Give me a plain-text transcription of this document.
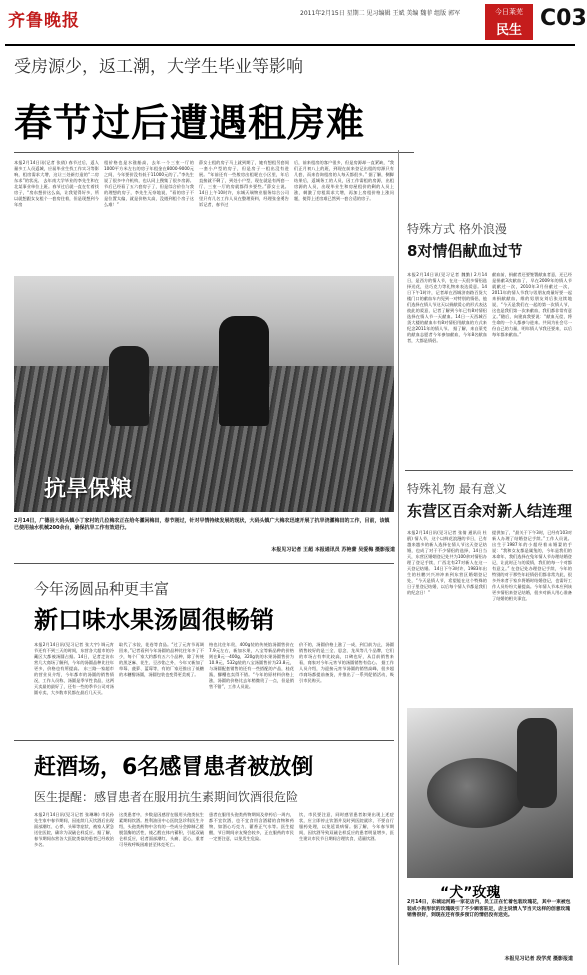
齐鲁晚报	2011年2月15日 星期二 见习编辑 王斌 美编 魏菲 组版 郭军	今日莱芜
民生 C03
受房源少，返工潮，大学生毕业等影响
春节过后遭遇租房难
本报2月14日讯(记者 张倩) 春节过后，返人量多工人员返城，应届毕业生找工作实习等影响，租房需求大增，这让三处新打造的“二房东求”的状况。 去年南大学毕业的李先生和在北某事业单位上班。春节过后就一直在忙着找房子，“房东想价这么高，让我觉得好多，所以就想跟女友租个一套房住着，但是现想到今年房
租价格也是水涨船高，去年一个三室一厅的1000平方米左右的房子年租金在8000-9000元之间，今年要价没有低于11000元的了。”李先生说了很多中介机构，也认同上搜集了很多房源。节后已经看了五六套房子了，但是综合价位与我的理想的房子，李先生无奈地说，“看的房子不是位置太偏，就是价格太高，没遇到租个房子这么难！”
薛女士租的房子马上就到期了，她有想租另套间一套小户型的房子，但是房子一租出没有进展。“年前还有一些般房出租呢在小区里，年后直接就不剩了，到处小户型，现在就是有两套一厅、三室一厅的房就都得多要些。”薛女士说。 14日上午10时许，东城天瑞物业服务综合公司里只有几名工作人员在整理资料，经理张金勇告诉记者，春节过
后，前来租房的客户很多，但是房源却一直紧缺，“我们正月初八上的班，到现在前来登记出租的房源只有几套，而来咨询租房的人每天都很多。” 据了解，侧脚结果后，返城务工的人员，因工作需租的房源，出租房源的人员，出现毕业生和房屋租价的剩的人员上涨，刺激了房租需求大增，再加上房租价格上涨问题，使得上述房难已然到一套合适的房子。
抗旱保粮
2月14日，广德县大码头镇小丁家村的几位梅农正在给冬灌闲梅田，春节刚过，针对早情持续发展的现状，大码头镇广大梅农迅速开展了抗旱浇灌梅田的工作，目前，该镇已使用抽水机械200余台，确保抗旱工作有效进行。
本报见习记者 王超 本报通讯员 苏艳蕾 吴爱梅 摄影报道
特殊方式 格外浪漫
8对情侣献血过节
本报2月14日讯(见习记者 魏勤) 2月14日，是西方的情人节，在这一天很多情侣选择送花，送巧克力等礼物来表达爱意。14日下午1时许，记者却在西城济南路百货大楼门口的献血车内见到一对特别的情侣，他们选择在情人节这天以捐献爱心的形式表达彼此的爱意，记者了解到今年已有8对情侣选择在情人节一天献血。14日一天西城百货大楼的献血车有8对情侣用献血的方式来纪念2011年的情人节。 据了解，来自莱芜的献血志愿者今年参加献血，今年8名献血者，大都是情侣。
献血前，捐献者还要签署献血者意，还已经是捐献3次献血了，早在2009年的情人节就献过一次，2010年3月份献过一次，2011年的情人节我与男朋友商量好要一起来捐献献血，维的男朋友刘后张这续地说，“今天是我们在一起的第一次情人节，这也是我们第一次来献血，我们都非常有意义。”随后，向建真我要说：“献血无偿，将生命的一个人都参与进来。共同为社会尽一份自己的力量，明年情人节我还要来，以后每年都来献血。”
特殊礼物 最有意义
东营区百余对新人结连理
本报2月14日讯(见习记者 张倩 通讯员 杜鹃) 情人节，这个以鲜花浪漫的节日，已有越来越多的新人选择在情人节这天登记结婚，也成了对于不少情侣的选择，14日当天，东营区婚姻登记处共为100余对情侣办理了登记手续，广西北有27对新人在这一天登记结婚。 14日下午3时许，1983年出生的杜鹏兴兴冲冲来到东营区婚姻登记处，“今天是情人节，希望能在这个特殊的日子里登记结婚，以后每个情人节都是我们的纪念日！”
提供加了，“最关于下午3时，已经有103对新人办理了结婚登记手续。”工作人员说。 出生于1987年的小超经着未婚妻的手说：“我和女友都是属兔的，今年是我们的本命年，我们选择在兔年情人节办理结婚登记，让此时正与的爱情，我们的每一个对都有意义。” 在登记处办理登记手续，今年的特别的对于那些年轻情侣们都非常为此，很多外来者于家乡将婚时结婚登记，也需好工作人员纷纷大量提高。今年情人节本应到该更多情侣来登记结婚，很多对新人用心准备了结婚的相关事宜。
今年汤圆品种更丰富
新口味水果汤圆很畅销
本报2月14日讯(见习记者 张大宇) 调元宵节还有不到三天的时间，东营各大超市的冷藏区大都被汤圆占据。14日，记者走访东营几大商场了解到，今年的汤圆品种比往年更多，价格也有所提高。 东三路一家超市的营业员介绍，今年都市的汤圆的销售情况，工作人员称，汤圆是季节性食品，这两天卖最的最好了，还有一些的季节公司对汤圆专卖，大多数市民都在最后几天买。
取代了水饺，花卷等食品。“过了元宵节再调回来，”记者看到今年汤圆的品种比往年多了不少，每个厂家大约都有五六个品种，除了传统的黑芝麻、花生、豆沙馅之外，今年又新加了草莓、菠萝、蓝莓等，有的厂家还推出了低糖的木糖醇汤圆，汤圆包装也变得更美观了。
格也比往年贵，400g装的传统馅汤圆售价在7.9元左右，新加水果，八宝等新品种的价格则在8元一400g，320g装的水果汤圆售价为10.9元，532g装的八宝汤圆售价为23.8元，与汤圆配套销售的还有一些搭配的产品，桂花酱，醪糟也卖得不错。“今年的原材料价格上涨，汤圆的价格比去年稍微贵了一点，但是销售不错”，工作人员说。
价不的，汤圆价格上涨了一成，到目前为止，汤圆销售较好的是三全、思念、龙凤等几个品牌，它们的市场占有率比较高，口碑也好，从目前销售来看，商家对今年元宵节的汤圆销售有信心。 据工作人员介绍，为迎接元宵节汤圆的销售高峰，很多超市商场都提前备货，并推出了一系列促销活动，吸引市民购买。
赶酒场，6名感冒患者被放倒
医生提醒：感冒患者在服用抗生素期间饮酒很危险
本报2月14日讯(见习记者 张琳琳) 市民孙先生家中春节期间，因连续几天饮酒后出现面部潮红、心悸、头晕等症状，被家人紧急送往医院，确诊为双硫仑样反应。据了解，春节期间东营各大医院类似的患者已经收治多名。
这类患者中，多数是因感冒在服用头孢类抗生素期间饮酒。胜利油田中心医院急诊科医生介绍，头孢类药物中含有的一些成分会抑制乙醛脱氢酶的活性，使乙醛在体内蓄积，引起双硫仑样反应，轻者面部潮红、头痛、恶心，重者可导致呼吸困难甚至休克死亡。
患者在服用头孢类药物期间及停药后一周内，都不宜饮酒，也不宜食用含酒精的食物和药物，如酒心巧克力、藿香正气水等。医生提醒，节日期间亲友聚会较多，正在服药的市民一定要注意，以免发生危险。
饮，市民要注意，同时感冒患者如果出现上述症状，应立即停止饮酒并及时到医院就诊，不要自行服药处理，以免延误病情。据了解，今年春节期间，因饮酒导致双硫仑样反应的患者明显增多，医生建议市民节日期间合理饮食，适量饮酒。
“犬”玫瑰
2月14日，东城运河路一家花店内，员工正在忙着包装玫瑰花，其中一束被包装成小狗形状的玫瑰吸引了不少顾客驻足，店主说情人节当天这样的创意玫瑰销售很好，到现在还有很多预订的情侣没有送完。
本报见习记者 段学虎 摄影报道
